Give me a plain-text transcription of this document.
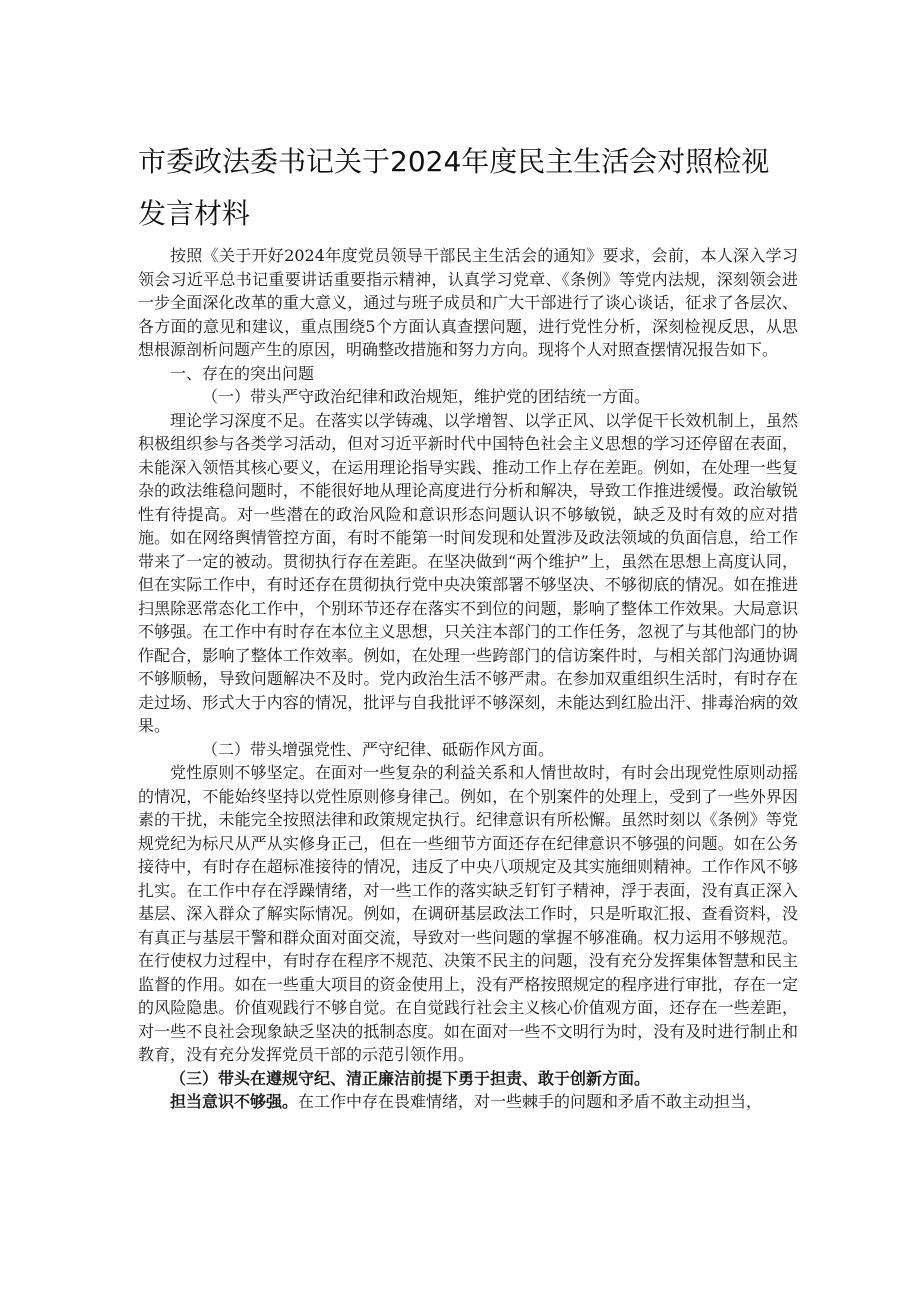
市委政法委书记关于2024年度民主生活会对照检视
发言材料

按照《关于开好2024年度党员领导干部民主生活会的通知》要求，会前，本人深入学习领会习近平总书记重要讲话重要指示精神，认真学习党章、《条例》等党内法规，深刻领会进一步全面深化改革的重大意义，通过与班子成员和广大干部进行了谈心谈话，征求了各层次、各方面的意见和建议，重点围绕5个方面认真查摆问题，进行党性分析，深刻检视反思，从思想根源剖析问题产生的原因，明确整改措施和努力方向。现将个人对照查摆情况报告如下。

一、存在的突出问题

（一）带头严守政治纪律和政治规矩，维护党的团结统一方面。

理论学习深度不足。在落实以学铸魂、以学增智、以学正风、以学促干长效机制上，虽然积极组织参与各类学习活动，但对习近平新时代中国特色社会主义思想的学习还停留在表面，未能深入领悟其核心要义，在运用理论指导实践、推动工作上存在差距。例如，在处理一些复杂的政法维稳问题时，不能很好地从理论高度进行分析和解决，导致工作推进缓慢。政治敏锐性有待提高。对一些潜在的政治风险和意识形态问题认识不够敏锐，缺乏及时有效的应对措施。如在网络舆情管控方面，有时不能第一时间发现和处置涉及政法领域的负面信息，给工作带来了一定的被动。贯彻执行存在差距。在坚决做到“两个维护”上，虽然在思想上高度认同，但在实际工作中，有时还存在贯彻执行党中央决策部署不够坚决、不够彻底的情况。如在推进扫黑除恶常态化工作中，个别环节还存在落实不到位的问题，影响了整体工作效果。大局意识不够强。在工作中有时存在本位主义思想，只关注本部门的工作任务，忽视了与其他部门的协作配合，影响了整体工作效率。例如，在处理一些跨部门的信访案件时，与相关部门沟通协调不够顺畅，导致问题解决不及时。党内政治生活不够严肃。在参加双重组织生活时，有时存在走过场、形式大于内容的情况，批评与自我批评不够深刻，未能达到红脸出汗、排毒治病的效果。

（二）带头增强党性、严守纪律、砥砺作风方面。

党性原则不够坚定。在面对一些复杂的利益关系和人情世故时，有时会出现党性原则动摇的情况，不能始终坚持以党性原则修身律己。例如，在个别案件的处理上，受到了一些外界因素的干扰，未能完全按照法律和政策规定执行。纪律意识有所松懈。虽然时刻以《条例》等党规党纪为标尺从严从实修身正己，但在一些细节方面还存在纪律意识不够强的问题。如在公务接待中，有时存在超标准接待的情况，违反了中央八项规定及其实施细则精神。工作作风不够扎实。在工作中存在浮躁情绪，对一些工作的落实缺乏钉钉子精神，浮于表面，没有真正深入基层、深入群众了解实际情况。例如，在调研基层政法工作时，只是听取汇报、查看资料，没有真正与基层干警和群众面对面交流，导致对一些问题的掌握不够准确。权力运用不够规范。在行使权力过程中，有时存在程序不规范、决策不民主的问题，没有充分发挥集体智慧和民主监督的作用。如在一些重大项目的资金使用上，没有严格按照规定的程序进行审批，存在一定的风险隐患。价值观践行不够自觉。在自觉践行社会主义核心价值观方面，还存在一些差距，对一些不良社会现象缺乏坚决的抵制态度。如在面对一些不文明行为时，没有及时进行制止和教育，没有充分发挥党员干部的示范引领作用。

（三）带头在遵规守纪、清正廉洁前提下勇于担责、敢于创新方面。

担当意识不够强。在工作中存在畏难情绪，对一些棘手的问题和矛盾不敢主动担当，
